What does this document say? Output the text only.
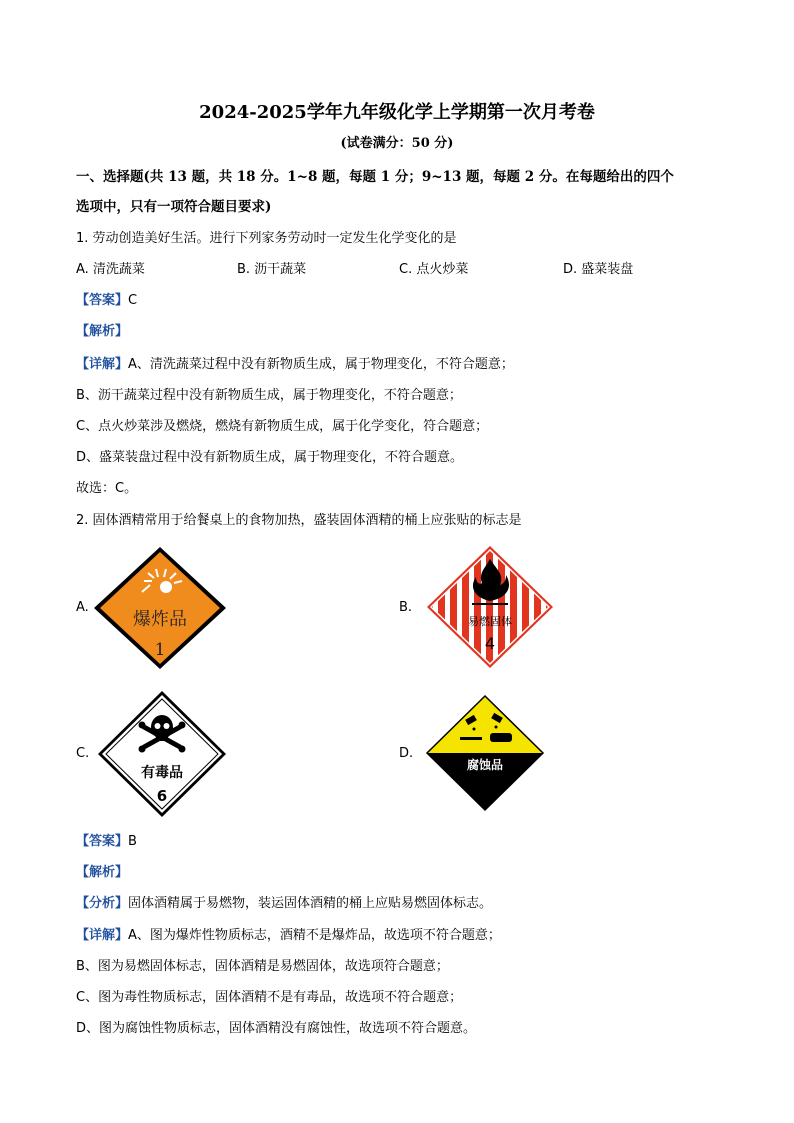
2024-2025学年九年级化学上学期第一次月考卷
(试卷满分：50 分)
一、选择题(共 13 题，共 18 分。1~8 题，每题 1 分；9~13 题，每题 2 分。在每题给出的四个
选项中，只有一项符合题目要求)
1. 劳动创造美好生活。进行下列家务劳动时一定发生化学变化的是
A. 清洗蔬菜	B. 沥干蔬菜	C. 点火炒菜	D. 盛菜装盘
【答案】C
【解析】
【详解】A、清洗蔬菜过程中没有新物质生成，属于物理变化，不符合题意；
B、沥干蔬菜过程中没有新物质生成，属于物理变化，不符合题意；
C、点火炒菜涉及燃烧，燃烧有新物质生成，属于化学变化，符合题意；
D、盛菜装盘过程中没有新物质生成，属于物理变化，不符合题意。
故选：C。
2. 固体酒精常用于给餐桌上的食物加热，盛装固体酒精的桶上应张贴的标志是
A.	B.
C.	D.
爆炸品
1
易燃固体
4
有毒品
6
腐蚀品
【答案】B
【解析】
【分析】固体酒精属于易燃物，装运固体酒精的桶上应贴易燃固体标志。
【详解】A、图为爆炸性物质标志，酒精不是爆炸品，故选项不符合题意；
B、图为易燃固体标志，固体酒精是易燃固体，故选项符合题意；
C、图为毒性物质标志，固体酒精不是有毒品，故选项不符合题意；
D、图为腐蚀性物质标志，固体酒精没有腐蚀性，故选项不符合题意。
